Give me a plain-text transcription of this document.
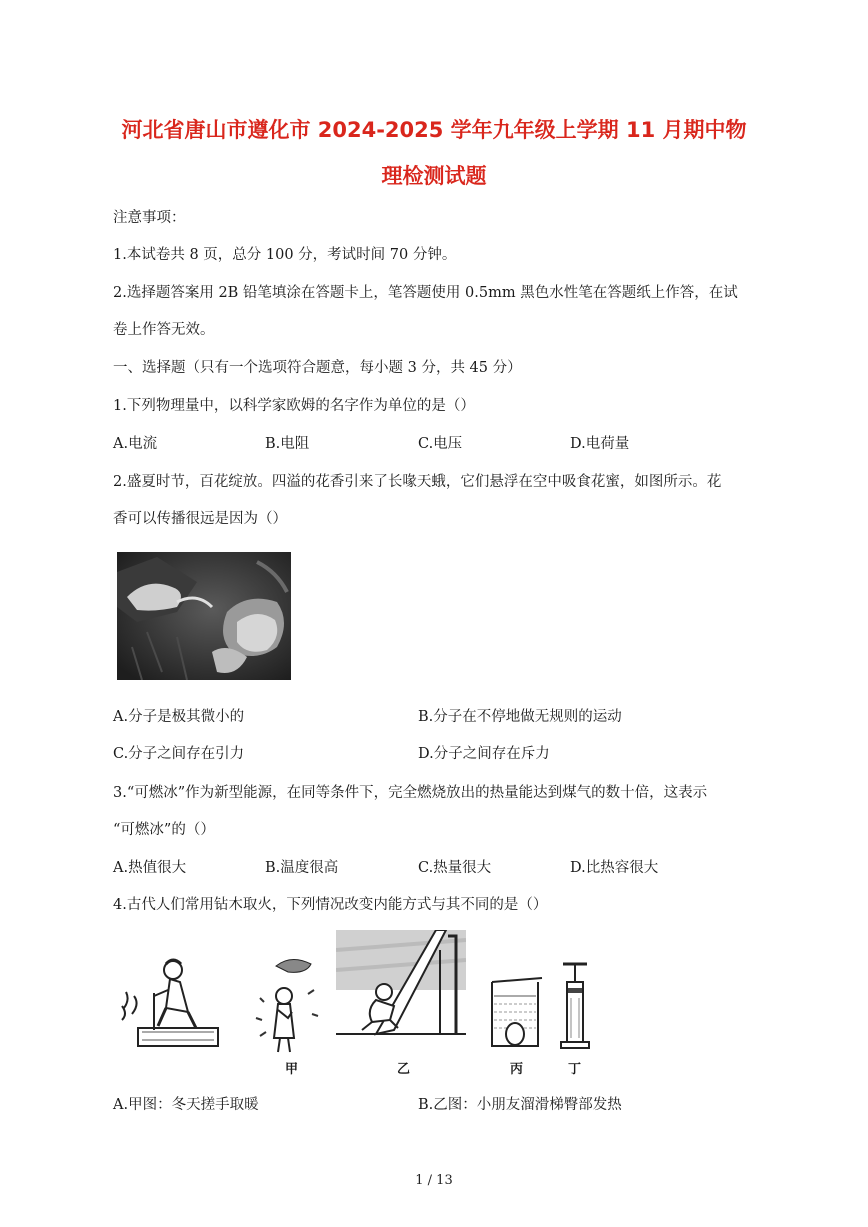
河北省唐山市遵化市 2024-2025 学年九年级上学期 11 月期中物
理检测试题
注意事项：
1.本试卷共 8 页，总分 100 分，考试时间 70 分钟。
2.选择题答案用 2B 铅笔填涂在答题卡上，笔答题使用 0.5mm 黑色水性笔在答题纸上作答，在试
卷上作答无效。
一、选择题（只有一个选项符合题意，每小题 3 分，共 45 分）
1.下列物理量中，以科学家欧姆的名字作为单位的是（）
A.电流	B.电阻	C.电压	D.电荷量
2.盛夏时节，百花绽放。四溢的花香引来了长喙天蛾，它们悬浮在空中吸食花蜜，如图所示。花
香可以传播很远是因为（）
A.分子是极其微小的	B.分子在不停地做无规则的运动
C.分子之间存在引力	D.分子之间存在斥力
3.“可燃冰”作为新型能源，在同等条件下，完全燃烧放出的热量能达到煤气的数十倍，这表示
“可燃冰”的（）
A.热值很大	B.温度很高	C.热量很大	D.比热容很大
4.古代人们常用钻木取火，下列情况改变内能方式与其不同的是（）
甲	乙	丙	丁
A.甲图：冬天搓手取暖	B.乙图：小朋友溜滑梯臀部发热
1 / 13
